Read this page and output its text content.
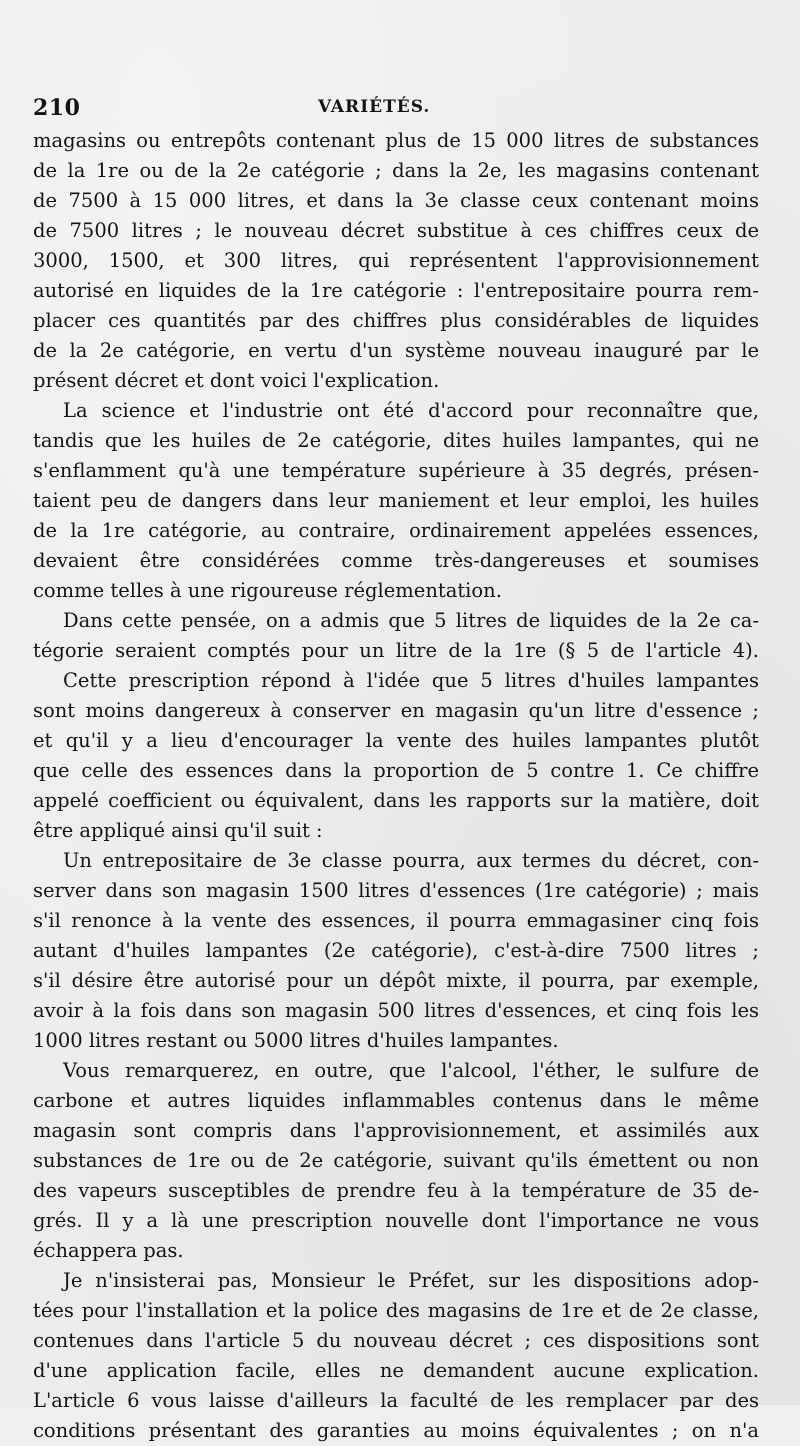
210	VARIÉTÉS.
magasins ou entrepôts contenant plus de 15 000 litres de substances
de la 1re ou de la 2e catégorie ; dans la 2e, les magasins contenant
de 7500 à 15 000 litres, et dans la 3e classe ceux contenant moins
de 7500 litres ; le nouveau décret substitue à ces chiffres ceux de
3000, 1500, et 300 litres, qui représentent l'approvisionnement
autorisé en liquides de la 1re catégorie : l'entrepositaire pourra rem-
placer ces quantités par des chiffres plus considérables de liquides
de la 2e catégorie, en vertu d'un système nouveau inauguré par le
présent décret et dont voici l'explication.
La science et l'industrie ont été d'accord pour reconnaître que,
tandis que les huiles de 2e catégorie, dites huiles lampantes, qui ne
s'enflamment qu'à une température supérieure à 35 degrés, présen-
taient peu de dangers dans leur maniement et leur emploi, les huiles
de la 1re catégorie, au contraire, ordinairement appelées essences,
devaient être considérées comme très-dangereuses et soumises
comme telles à une rigoureuse réglementation.
Dans cette pensée, on a admis que 5 litres de liquides de la 2e ca-
tégorie seraient comptés pour un litre de la 1re (§ 5 de l'article 4).
Cette prescription répond à l'idée que 5 litres d'huiles lampantes
sont moins dangereux à conserver en magasin qu'un litre d'essence ;
et qu'il y a lieu d'encourager la vente des huiles lampantes plutôt
que celle des essences dans la proportion de 5 contre 1. Ce chiffre
appelé coefficient ou équivalent, dans les rapports sur la matière, doit
être appliqué ainsi qu'il suit :
Un entrepositaire de 3e classe pourra, aux termes du décret, con-
server dans son magasin 1500 litres d'essences (1re catégorie) ; mais
s'il renonce à la vente des essences, il pourra emmagasiner cinq fois
autant d'huiles lampantes (2e catégorie), c'est-à-dire 7500 litres ;
s'il désire être autorisé pour un dépôt mixte, il pourra, par exemple,
avoir à la fois dans son magasin 500 litres d'essences, et cinq fois les
1000 litres restant ou 5000 litres d'huiles lampantes.
Vous remarquerez, en outre, que l'alcool, l'éther, le sulfure de
carbone et autres liquides inflammables contenus dans le même
magasin sont compris dans l'approvisionnement, et assimilés aux
substances de 1re ou de 2e catégorie, suivant qu'ils émettent ou non
des vapeurs susceptibles de prendre feu à la température de 35 de-
grés. Il y a là une prescription nouvelle dont l'importance ne vous
échappera pas.
Je n'insisterai pas, Monsieur le Préfet, sur les dispositions adop-
tées pour l'installation et la police des magasins de 1re et de 2e classe,
contenues dans l'article 5 du nouveau décret ; ces dispositions sont
d'une application facile, elles ne demandent aucune explication.
L'article 6 vous laisse d'ailleurs la faculté de les remplacer par des
conditions présentant des garanties au moins équivalentes ; on n'a
